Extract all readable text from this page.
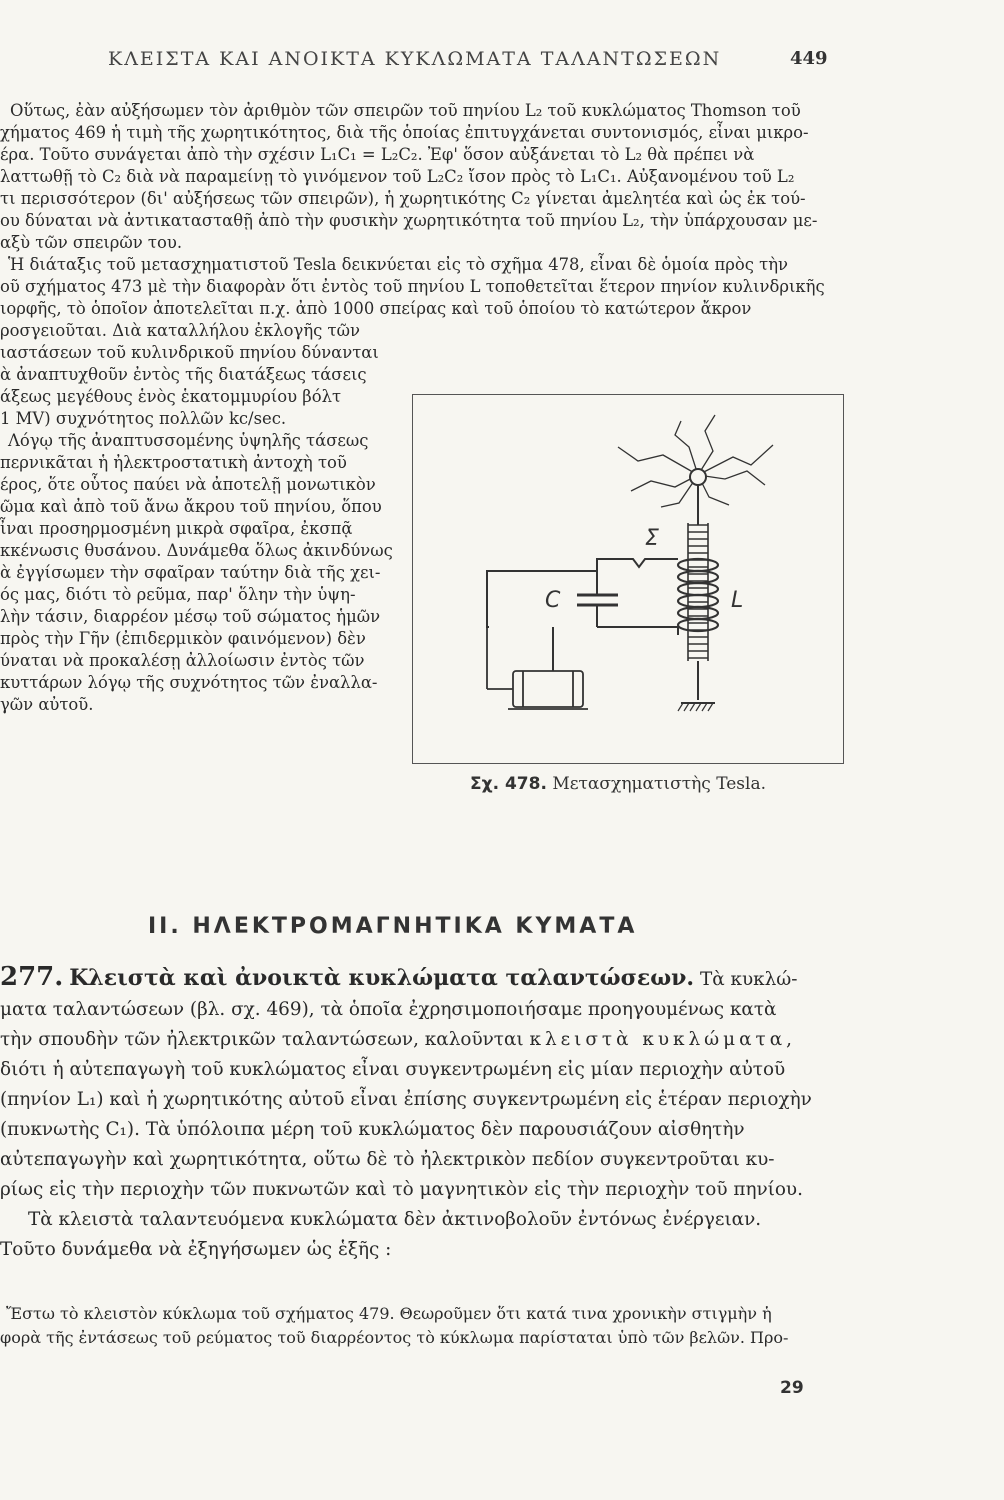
ΚΛΕΙΣΤΑ ΚΑΙ ΑΝΟΙΚΤΑ ΚΥΚΛΩΜΑΤΑ ΤΑΛΑΝΤΩΣΕΩΝ	449
Οὕτως, ἐὰν αὐξήσωμεν τὸν ἀριθμὸν τῶν σπειρῶν τοῦ πηνίου L₂ τοῦ κυκλώματος Thomson τοῦ
χήματος 469 ἡ τιμὴ τῆς χωρητικότητος, διὰ τῆς ὁποίας ἐπιτυγχάνεται συντονισμός, εἶναι μικρο-
έρα. Τοῦτο συνάγεται ἀπὸ τὴν σχέσιν L₁C₁ = L₂C₂. Ἐφ' ὅσον αὐξάνεται τὸ L₂ θὰ πρέπει νὰ
λαττωθῇ τὸ C₂ διὰ νὰ παραμείνῃ τὸ γινόμενον τοῦ L₂C₂ ἴσον πρὸς τὸ L₁C₁. Αὐξανομένου τοῦ L₂
τι περισσότερον (δι' αὐξήσεως τῶν σπειρῶν), ἡ χωρητικότης C₂ γίνεται ἀμελητέα καὶ ὡς ἐκ τού-
ου δύναται νὰ ἀντικατασταθῇ ἀπὸ τὴν φυσικὴν χωρητικότητα τοῦ πηνίου L₂, τὴν ὑπάρχουσαν με-
αξὺ τῶν σπειρῶν του.
Ἡ διάταξις τοῦ μετασχηματιστοῦ Tesla δεικνύεται εἰς τὸ σχῆμα 478, εἶναι δὲ ὁμοία πρὸς τὴν
οῦ σχήματος 473 μὲ τὴν διαφορὰν ὅτι ἐντὸς τοῦ πηνίου L τοποθετεῖται ἕτερον πηνίον κυλινδρικῆς
ιορφῆς, τὸ ὁποῖον ἀποτελεῖται π.χ. ἀπὸ 1000 σπείρας καὶ τοῦ ὁποίου τὸ κατώτερον ἄκρον
ροσγειοῦται. Διὰ καταλλήλου ἐκλογῆς τῶν
ιαστάσεων τοῦ κυλινδρικοῦ πηνίου δύνανται
ὰ ἀναπτυχθοῦν ἐντὸς τῆς διατάξεως τάσεις
άξεως μεγέθους ἑνὸς ἑκατομμυρίου βόλτ
1 MV) συχνότητος πολλῶν kc/sec.
Λόγῳ τῆς ἀναπτυσσομένης ὑψηλῆς τάσεως
περνικᾶται ἡ ἠλεκτροστατικὴ ἀντοχὴ τοῦ
έρος, ὅτε οὗτος παύει νὰ ἀποτελῇ μονωτικὸν
ῶμα καὶ ἀπὸ τοῦ ἄνω ἄκρου τοῦ πηνίου, ὅπου
ἶναι προσηρμοσμένη μικρὰ σφαῖρα, ἐκσπᾷ
κκένωσις θυσάνου. Δυνάμεθα ὅλως ἀκινδύνως
ὰ ἐγγίσωμεν τὴν σφαῖραν ταύτην διὰ τῆς χει-
ός μας, διότι τὸ ρεῦμα, παρ' ὅλην τὴν ὑψη-
λὴν τάσιν, διαρρέον μέσῳ τοῦ σώματος ἡμῶν
πρὸς τὴν Γῆν (ἐπιδερμικὸν φαινόμενον) δὲν
ύναται νὰ προκαλέσῃ ἀλλοίωσιν ἐντὸς τῶν
κυττάρων λόγῳ τῆς συχνότητος τῶν ἐναλλα-
γῶν αὐτοῦ.
Σ
C	L
Σχ. 478. Μετασχηματιστὴς Tesla.
II. ΗΛΕΚΤΡΟΜΑΓΝΗΤΙΚΑ ΚΥΜΑΤΑ
277. Κλειστὰ καὶ ἀνοικτὰ κυκλώματα ταλαντώσεων. Τὰ κυκλώ-
ματα ταλαντώσεων (βλ. σχ. 469), τὰ ὁποῖα ἐχρησιμοποιήσαμε προηγουμένως κατὰ
τὴν σπουδὴν τῶν ἠλεκτρικῶν ταλαντώσεων, καλοῦνται κλειστὰ κυκλώματα,
διότι ἡ αὐτεπαγωγὴ τοῦ κυκλώματος εἶναι συγκεντρωμένη εἰς μίαν περιοχὴν αὐτοῦ
(πηνίον L₁) καὶ ἡ χωρητικότης αὐτοῦ εἶναι ἐπίσης συγκεντρωμένη εἰς ἑτέραν περιοχὴν
(πυκνωτὴς C₁). Τὰ ὑπόλοιπα μέρη τοῦ κυκλώματος δὲν παρουσιάζουν αἰσθητὴν
αὐτεπαγωγὴν καὶ χωρητικότητα, οὕτω δὲ τὸ ἠλεκτρικὸν πεδίον συγκεντροῦται κυ-
ρίως εἰς τὴν περιοχὴν τῶν πυκνωτῶν καὶ τὸ μαγνητικὸν εἰς τὴν περιοχὴν τοῦ πηνίου.
Τὰ κλειστὰ ταλαντευόμενα κυκλώματα δὲν ἀκτινοβολοῦν ἐντόνως ἐνέργειαν.
Τοῦτο δυνάμεθα νὰ ἐξηγήσωμεν ὡς ἑξῆς :
Ἔστω τὸ κλειστὸν κύκλωμα τοῦ σχήματος 479. Θεωροῦμεν ὅτι κατά τινα χρονικὴν στιγμὴν ἡ
φορὰ τῆς ἐντάσεως τοῦ ρεύματος τοῦ διαρρέοντος τὸ κύκλωμα παρίσταται ὑπὸ τῶν βελῶν. Προ-
29
